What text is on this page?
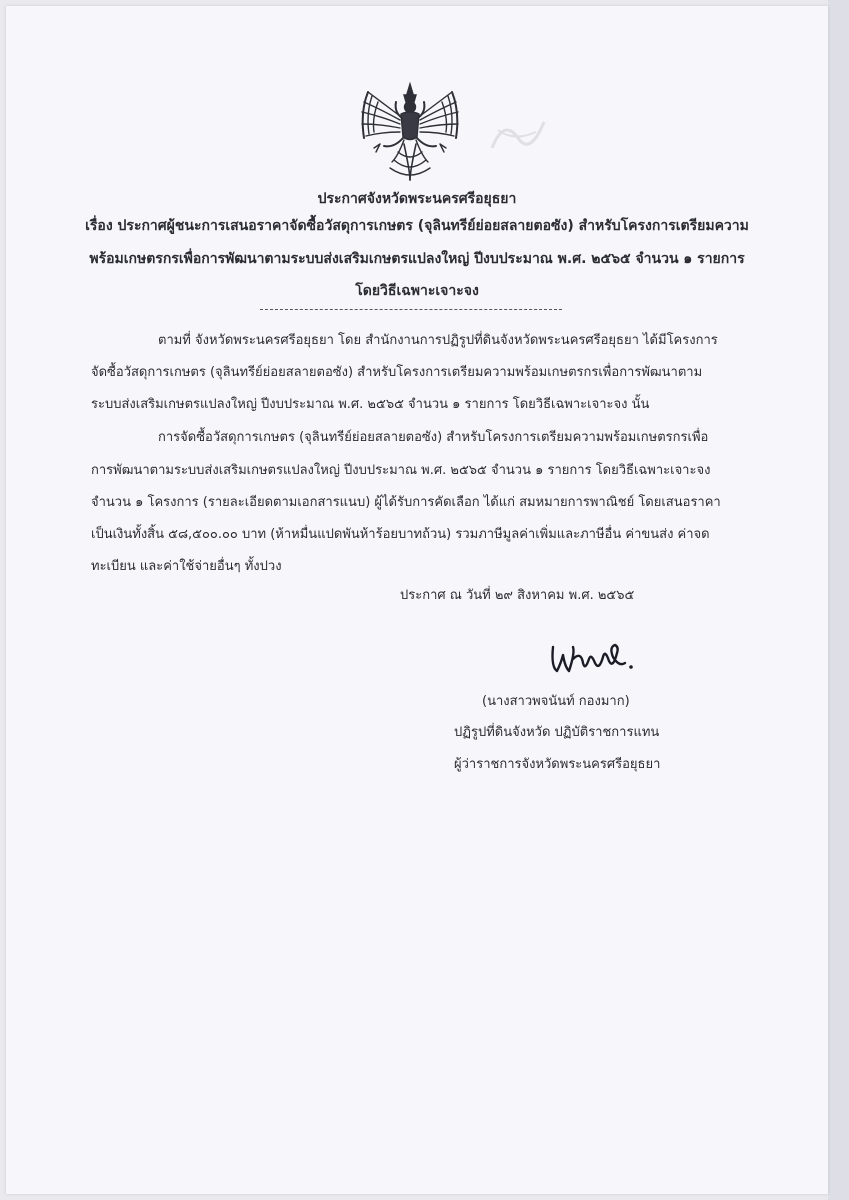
ประกาศจังหวัดพระนครศรีอยุธยา
เรื่อง ประกาศผู้ชนะการเสนอราคาจัดซื้อวัสดุการเกษตร (จุลินทรีย์ย่อยสลายตอซัง) สำหรับโครงการเตรียมความ
พร้อมเกษตรกรเพื่อการพัฒนาตามระบบส่งเสริมเกษตรแปลงใหญ่ ปีงบประมาณ พ.ศ. ๒๕๖๕ จำนวน ๑ รายการ
โดยวิธีเฉพาะเจาะจง
ตามที่ จังหวัดพระนครศรีอยุธยา โดย สำนักงานการปฏิรูปที่ดินจังหวัดพระนครศรีอยุธยา ได้มีโครงการ
จัดซื้อวัสดุการเกษตร (จุลินทรีย์ย่อยสลายตอซัง) สำหรับโครงการเตรียมความพร้อมเกษตรกรเพื่อการพัฒนาตาม
ระบบส่งเสริมเกษตรแปลงใหญ่ ปีงบประมาณ พ.ศ. ๒๕๖๕ จำนวน ๑ รายการ โดยวิธีเฉพาะเจาะจง นั้น
การจัดซื้อวัสดุการเกษตร (จุลินทรีย์ย่อยสลายตอซัง) สำหรับโครงการเตรียมความพร้อมเกษตรกรเพื่อ
การพัฒนาตามระบบส่งเสริมเกษตรแปลงใหญ่ ปีงบประมาณ พ.ศ. ๒๕๖๕ จำนวน ๑ รายการ โดยวิธีเฉพาะเจาะจง
จำนวน ๑ โครงการ (รายละเอียดตามเอกสารแนบ) ผู้ได้รับการคัดเลือก ได้แก่ สมหมายการพาณิชย์ โดยเสนอราคา
เป็นเงินทั้งสิ้น ๕๘,๕๐๐.๐๐ บาท (ห้าหมื่นแปดพันห้าร้อยบาทถ้วน) รวมภาษีมูลค่าเพิ่มและภาษีอื่น ค่าขนส่ง ค่าจด
ทะเบียน และค่าใช้จ่ายอื่นๆ ทั้งปวง
ประกาศ ณ วันที่ ๒๙ สิงหาคม พ.ศ. ๒๕๖๕
(นางสาวพจนันท์ กองมาก)
ปฏิรูปที่ดินจังหวัด ปฏิบัติราชการแทน
ผู้ว่าราชการจังหวัดพระนครศรีอยุธยา
